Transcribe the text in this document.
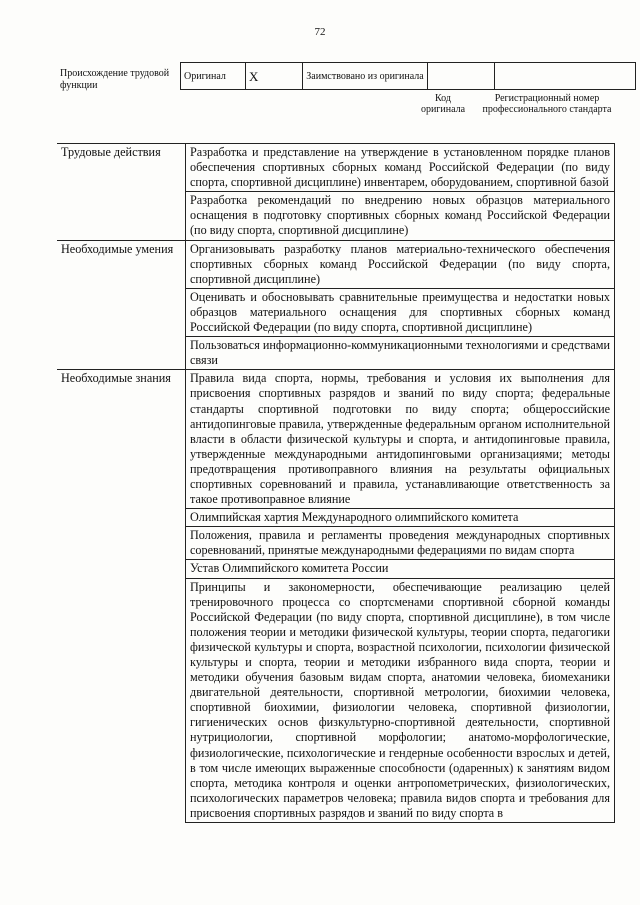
72
Происхождение трудовой функции
Оригинал	X	Заимствовано из оригинала		
Код оригинала
Регистрационный номер профессионального стандарта
Трудовые действия	Разработка и представление на утверждение в установленном порядке планов обеспечения спортивных сборных команд Российской Федерации (по виду спорта, спортивной дисциплине) инвентарем, оборудованием, спортивной базой
	Разработка рекомендаций по внедрению новых образцов материального оснащения в подготовку спортивных сборных команд Российской Федерации (по виду спорта, спортивной дисциплине)
Необходимые умения	Организовывать разработку планов материально-технического обеспечения спортивных сборных команд Российской Федерации (по виду спорта, спортивной дисциплине)
	Оценивать и обосновывать сравнительные преимущества и недостатки новых образцов материального оснащения для спортивных сборных команд Российской Федерации (по виду спорта, спортивной дисциплине)
	Пользоваться информационно-коммуникационными технологиями и средствами связи
Необходимые знания	Правила вида спорта, нормы, требования и условия их выполнения для присвоения спортивных разрядов и званий по виду спорта; федеральные стандарты спортивной подготовки по виду спорта; общероссийские антидопинговые правила, утвержденные федеральным органом исполнительной власти в области физической культуры и спорта, и антидопинговые правила, утвержденные международными антидопинговыми организациями; методы предотвращения противоправного влияния на результаты официальных спортивных соревнований и правила, устанавливающие ответственность за такое противоправное влияние
	Олимпийская хартия Международного олимпийского комитета
	Положения, правила и регламенты проведения международных спортивных соревнований, принятые международными федерациями по видам спорта
	Устав Олимпийского комитета России
	Принципы и закономерности, обеспечивающие реализацию целей тренировочного процесса со спортсменами спортивной сборной команды Российской Федерации (по виду спорта, спортивной дисциплине), в том числе положения теории и методики физической культуры, теории спорта, педагогики физической культуры и спорта, возрастной психологии, психологии физической культуры и спорта, теории и методики избранного вида спорта, теории и методики обучения базовым видам спорта, анатомии человека, биомеханики двигательной деятельности, спортивной метрологии, биохимии человека, спортивной биохимии, физиологии человека, спортивной физиологии, гигиенических основ физкультурно-спортивной деятельности, спортивной нутрициологии, спортивной морфологии; анатомо-морфологические, физиологические, психологические и гендерные особенности взрослых и детей, в том числе имеющих выраженные способности (одаренных) к занятиям видом спорта, методика контроля и оценки антропометрических, физиологических, психологических параметров человека; правила видов спорта и требования для присвоения спортивных разрядов и званий по виду спорта в
